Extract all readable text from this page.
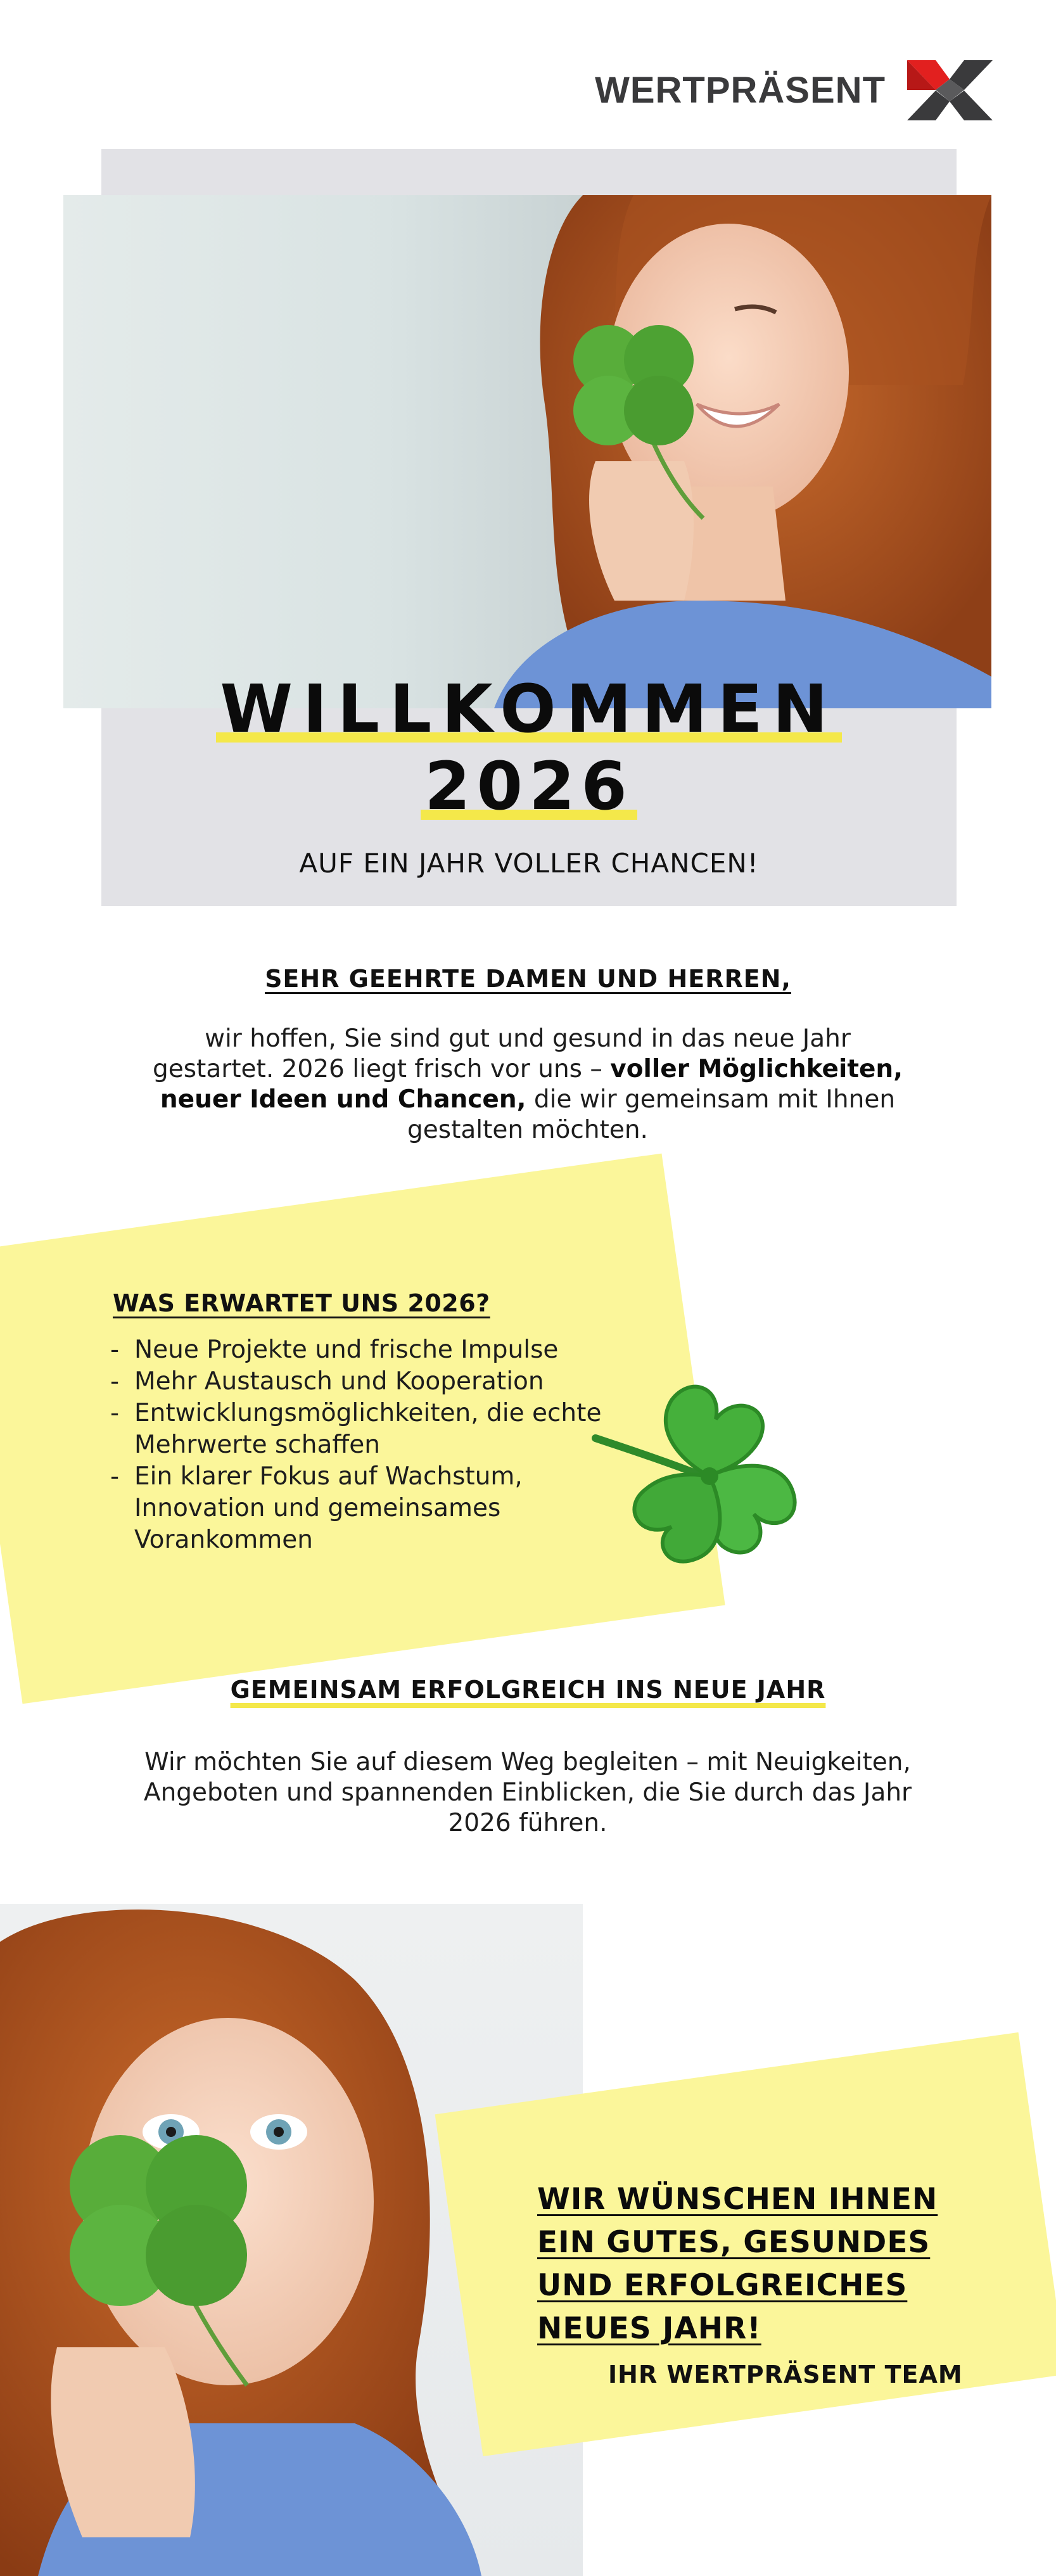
WERTPRÄSENT
WILLKOMMEN
2026
AUF EIN JAHR VOLLER CHANCEN!
SEHR GEEHRTE DAMEN UND HERREN,
wir hoffen, Sie sind gut und gesund in das neue Jahr gestartet. 2026 liegt frisch vor uns – voller Möglichkeiten, neuer Ideen und Chancen, die wir gemeinsam mit Ihnen gestalten möchten.
WAS ERWARTET UNS 2026?
- Neue Projekte und frische Impulse
- Mehr Austausch und Kooperation
- Entwicklungsmöglichkeiten, die echte Mehrwerte schaffen
- Ein klarer Fokus auf Wachstum, Innovation und gemeinsames Vorankommen
GEMEINSAM ERFOLGREICH INS NEUE JAHR
Wir möchten Sie auf diesem Weg begleiten – mit Neuigkeiten, Angeboten und spannenden Einblicken, die Sie durch das Jahr 2026 führen.
WIR WÜNSCHEN IHNEN
EIN GUTES, GESUNDES
UND ERFOLGREICHES
NEUES JAHR!
IHR WERTPRÄSENT TEAM
